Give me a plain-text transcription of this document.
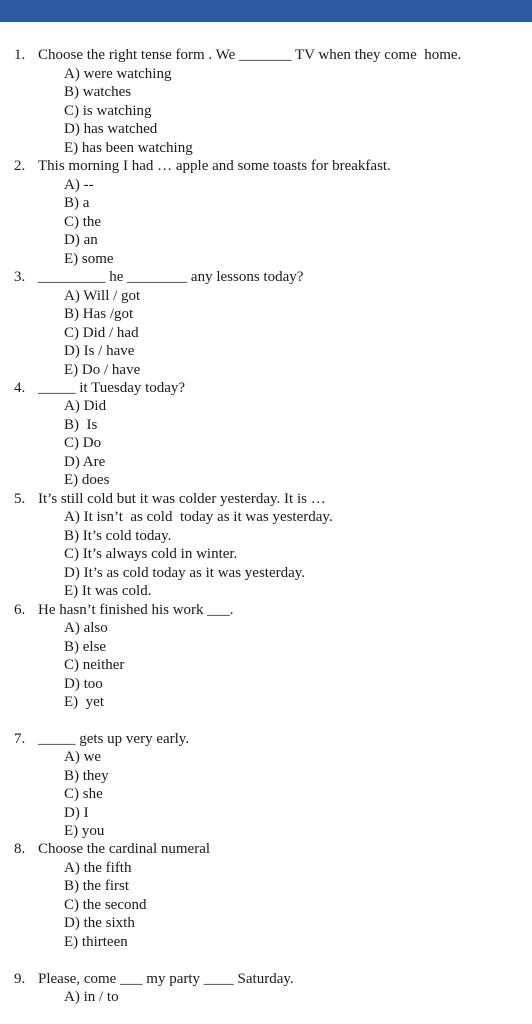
1. Choose the right tense form . We _______ TV when they come  home.
A) were watching
B) watches
C) is watching
D) has watched
E) has been watching
2. This morning I had … apple and some toasts for breakfast.
A) --
B) a
C) the
D) an
E) some
3. _________ he ________ any lessons today?
A) Will / got
B) Has /got
C) Did / had
D) Is / have
E) Do / have
4. _____ it Tuesday today?
A) Did
B)  Is
C) Do
D) Are
E) does
5. It’s still cold but it was colder yesterday. It is …
A) It isn’t  as cold  today as it was yesterday.
B) It’s cold today.
C) It’s always cold in winter.
D) It’s as cold today as it was yesterday.
E) It was cold.
6. He hasn’t finished his work ___.
A) also
B) else
C) neither
D) too
E)  yet
7. _____ gets up very early.
A) we
B) they
C) she
D) I
E) you
8. Choose the cardinal numeral
A) the fifth
B) the first
C) the second
D) the sixth
E) thirteen
9. Please, come ___ my party ____ Saturday.
A) in / to
